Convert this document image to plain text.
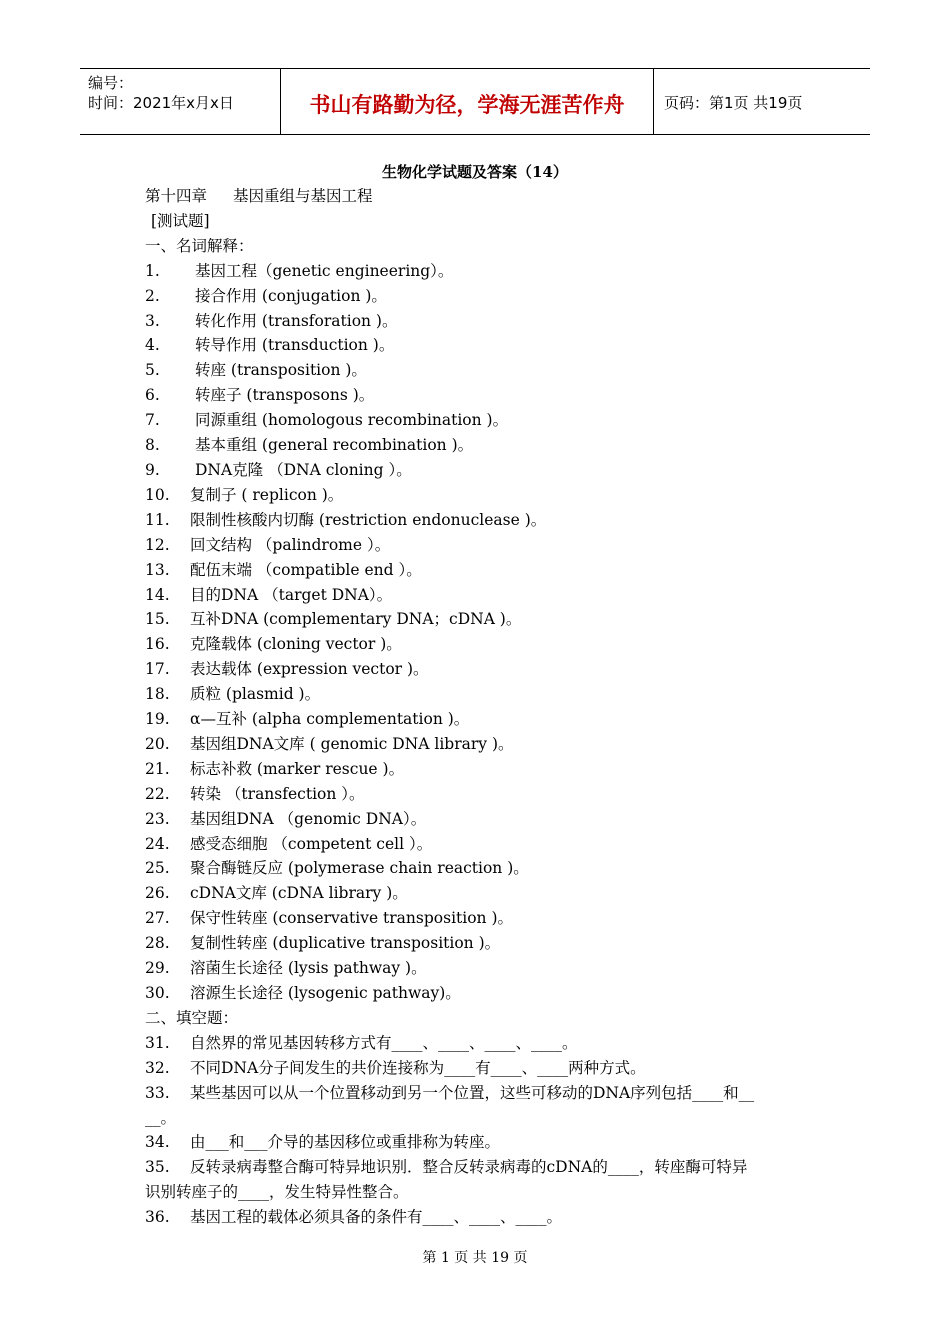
编号：
时间：2021年x月x日	书山有路勤为径，学海无涯苦作舟	页码：第1页 共19页
生物化学试题及答案（14）
第十四章 基因重组与基因工程
[测试题]
一、名词解释：
1.	基因工程（genetic engineering）。
2.	接合作用 (conjugation )。
3.	转化作用 (transforation )。
4.	转导作用 (transduction )。
5.	转座 (transposition )。
6.	转座子 (transposons )。
7.	同源重组 (homologous recombination )。
8.	基本重组 (general recombination )。
9.	DNA克隆 （DNA cloning ）。
10.	复制子 ( replicon )。
11.	限制性核酸内切酶 (restriction endonuclease )。
12.	回文结构 （palindrome ）。
13.	配伍末端 （compatible end ）。
14.	目的DNA （target DNA）。
15.	互补DNA (complementary DNA；cDNA )。
16.	克隆载体 (cloning vector )。
17.	表达载体 (expression vector )。
18.	质粒 (plasmid )。
19.	α—互补 (alpha complementation )。
20.	基因组DNA文库 ( genomic DNA library )。
21.	标志补救 (marker rescue )。
22.	转染 （transfection ）。
23.	基因组DNA （genomic DNA）。
24.	感受态细胞 （competent cell ）。
25.	聚合酶链反应 (polymerase chain reaction )。
26.	cDNA文库 (cDNA library )。
27.	保守性转座 (conservative transposition )。
28.	复制性转座 (duplicative transposition )。
29.	溶菌生长途径 (lysis pathway )。
30.	溶源生长途径 (lysogenic pathway)。
二、填空题：
31.	自然界的常见基因转移方式有____、____、____、____。
32.	不同DNA分子间发生的共价连接称为____有____、____两种方式。
33.	某些基因可以从一个位置移动到另一个位置，这些可移动的DNA序列包括____和__
__。
34.	由___和___介导的基因移位或重排称为转座。
35.	反转录病毒整合酶可特异地识别．整合反转录病毒的cDNA的____，转座酶可特异
识别转座子的____，发生特异性整合。
36.	基因工程的载体必须具备的条件有____、____、____。
第 1 页 共 19 页
